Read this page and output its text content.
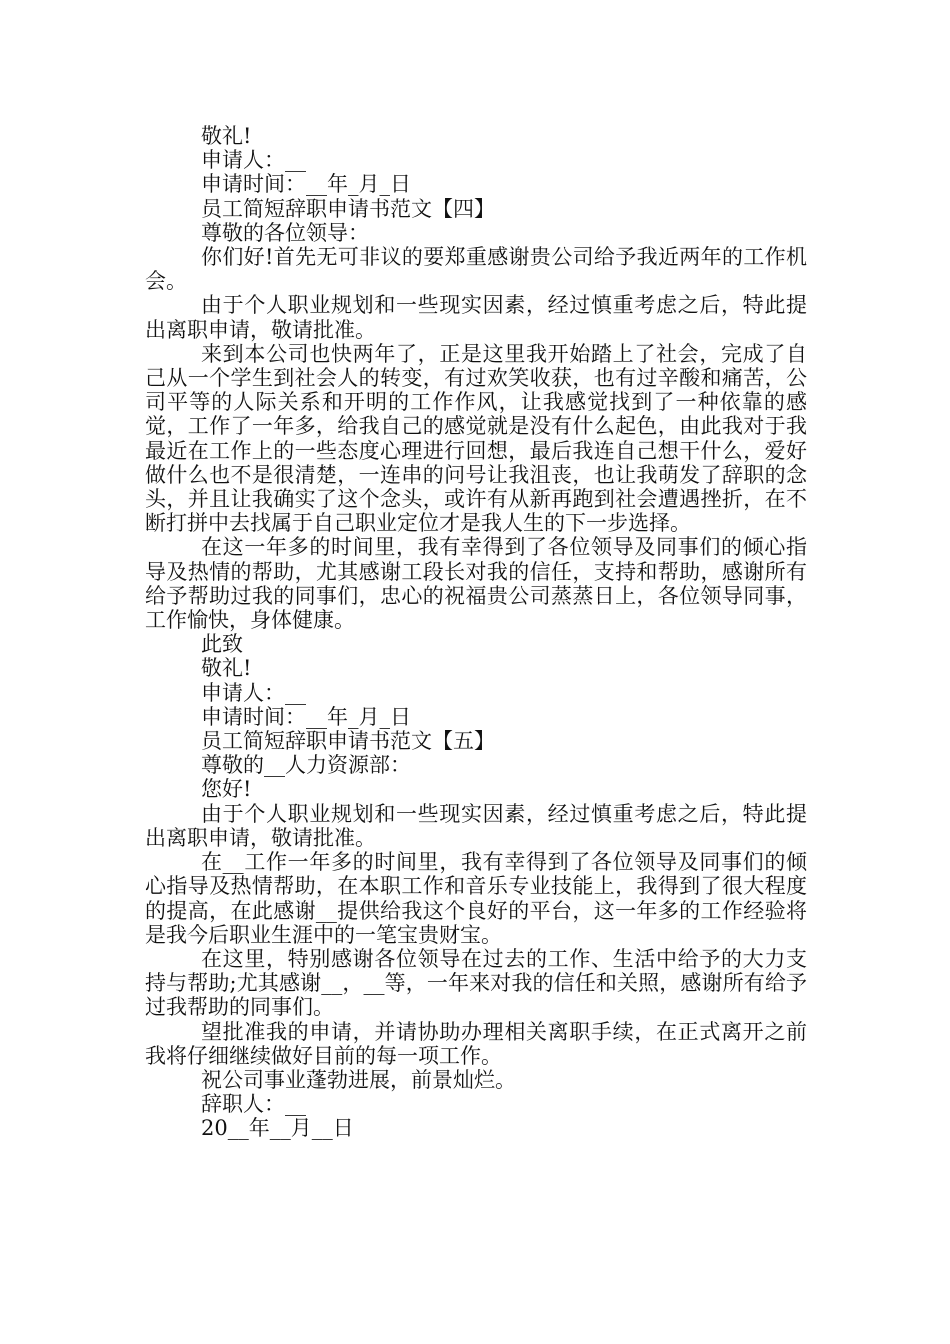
敬礼!

申请人：__

申请时间：__年_月_日

员工简短辞职申请书范文【四】

尊敬的各位领导：

你们好!首先无可非议的要郑重感谢贵公司给予我近两年的工作机会。

由于个人职业规划和一些现实因素，经过慎重考虑之后，特此提出离职申请，敬请批准。

来到本公司也快两年了，正是这里我开始踏上了社会，完成了自己从一个学生到社会人的转变，有过欢笑收获，也有过辛酸和痛苦，公司平等的人际关系和开明的工作作风，让我感觉找到了一种依靠的感觉，工作了一年多，给我自己的感觉就是没有什么起色，由此我对于我最近在工作上的一些态度心理进行回想，最后我连自己想干什么，爱好做什么也不是很清楚，一连串的问号让我沮丧，也让我萌发了辞职的念头，并且让我确实了这个念头，或许有从新再跑到社会遭遇挫折，在不断打拼中去找属于自己职业定位才是我人生的下一步选择。

在这一年多的时间里，我有幸得到了各位领导及同事们的倾心指导及热情的帮助，尤其感谢工段长对我的信任，支持和帮助，感谢所有给予帮助过我的同事们，忠心的祝福贵公司蒸蒸日上，各位领导同事，工作愉快，身体健康。

此致

敬礼!

申请人：__

申请时间：__年_月_日

员工简短辞职申请书范文【五】

尊敬的__人力资源部：

您好!

由于个人职业规划和一些现实因素，经过慎重考虑之后，特此提出离职申请，敬请批准。

在__工作一年多的时间里，我有幸得到了各位领导及同事们的倾心指导及热情帮助，在本职工作和音乐专业技能上，我得到了很大程度的提高，在此感谢__提供给我这个良好的平台，这一年多的工作经验将是我今后职业生涯中的一笔宝贵财宝。

在这里，特别感谢各位领导在过去的工作、生活中给予的大力支持与帮助;尤其感谢__，__等，一年来对我的信任和关照，感谢所有给予过我帮助的同事们。

望批准我的申请，并请协助办理相关离职手续，在正式离开之前我将仔细继续做好目前的每一项工作。

祝公司事业蓬勃进展，前景灿烂。

辞职人：__

20__年__月__日
